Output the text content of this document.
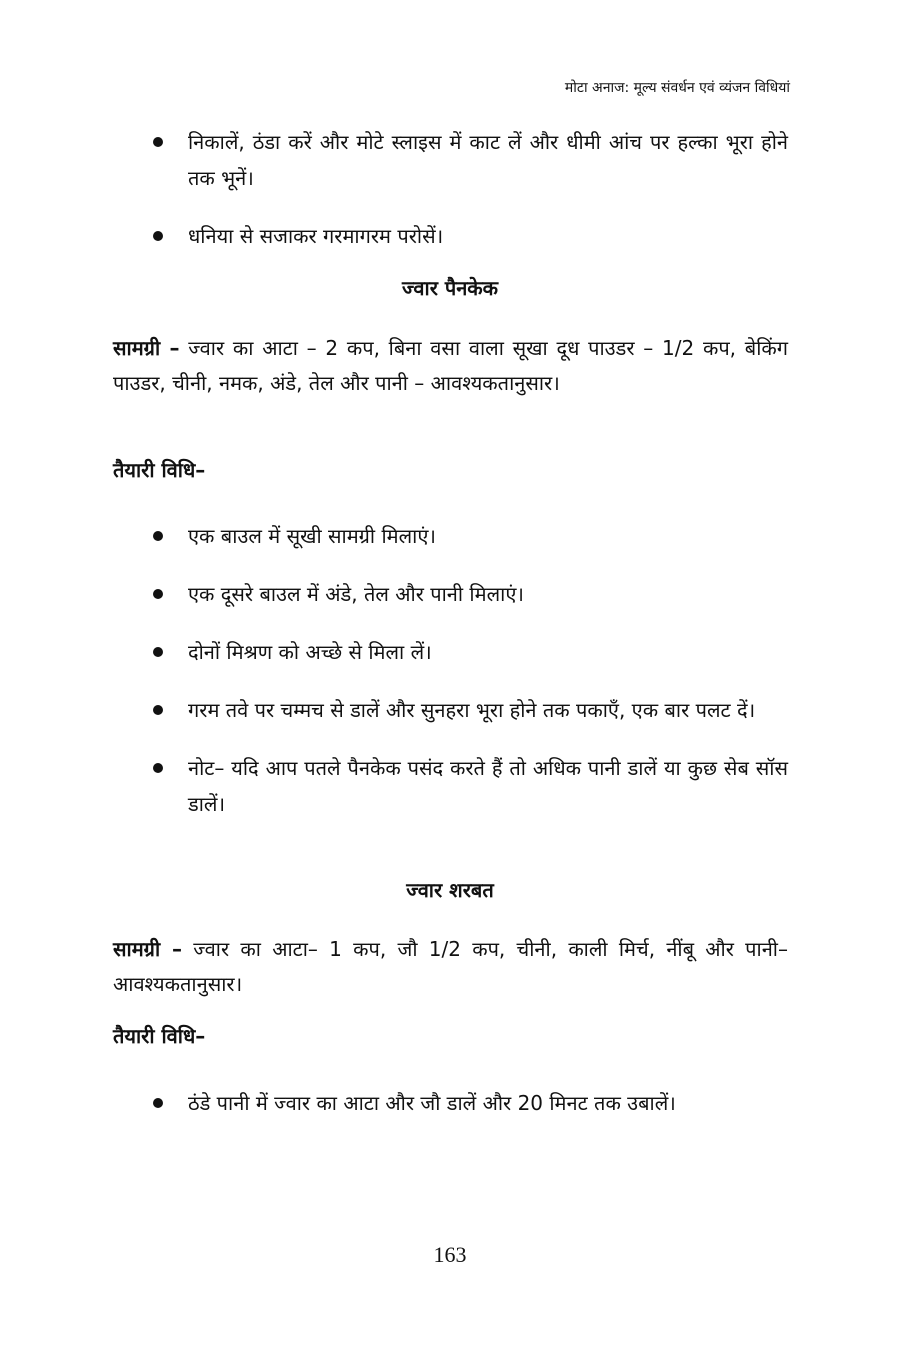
मोटा अनाज: मूल्य संवर्धन एवं व्यंजन विधियां
निकालें, ठंडा करें और मोटे स्लाइस में काट लें और धीमी आंच पर हल्का भूरा होने तक भूनें।
धनिया से सजाकर गरमागरम परोसें।
ज्वार पैनकेक
सामग्री – ज्वार का आटा – 2 कप, बिना वसा वाला सूखा दूध पाउडर – 1/2 कप, बेकिंग पाउडर, चीनी, नमक, अंडे, तेल और पानी – आवश्यकतानुसार।
तैयारी विधि–
एक बाउल में सूखी सामग्री मिलाएं।
एक दूसरे बाउल में अंडे, तेल और पानी मिलाएं।
दोनों मिश्रण को अच्छे से मिला लें।
गरम तवे पर चम्मच से डालें और सुनहरा भूरा होने तक पकाएँ, एक बार पलट दें।
नोट– यदि आप पतले पैनकेक पसंद करते हैं तो अधिक पानी डालें या कुछ सेब सॉस डालें।
ज्वार शरबत
सामग्री – ज्वार का आटा– 1 कप, जौ 1/2 कप, चीनी, काली मिर्च, नींबू और पानी– आवश्यकतानुसार।
तैयारी विधि–
ठंडे पानी में ज्वार का आटा और जौ डालें और 20 मिनट तक उबालें।
163
